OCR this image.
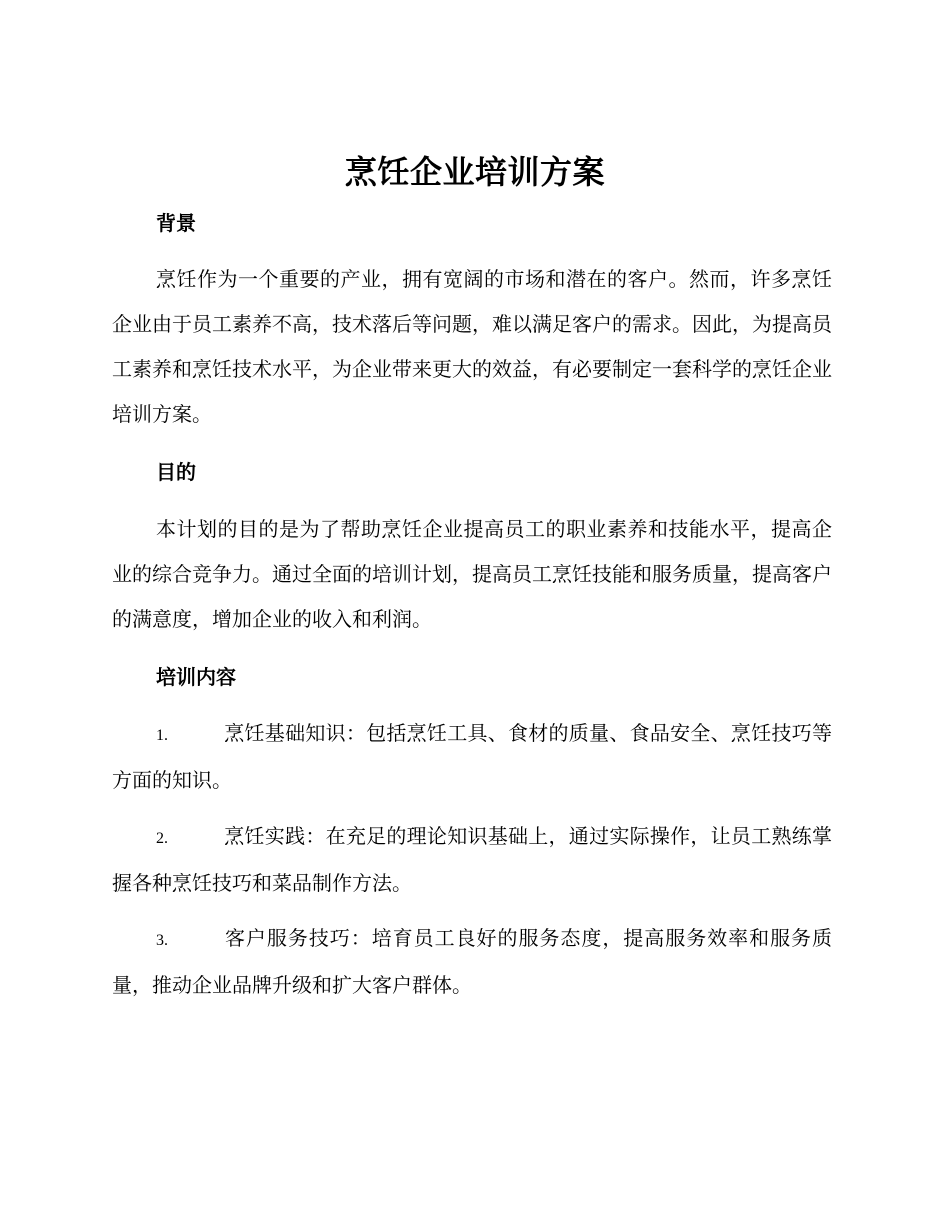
烹饪企业培训方案
背景
烹饪作为一个重要的产业，拥有宽阔的市场和潜在的客户。然而，许多烹饪企业由于员工素养不高，技术落后等问题，难以满足客户的需求。因此，为提高员工素养和烹饪技术水平，为企业带来更大的效益，有必要制定一套科学的烹饪企业培训方案。
目的
本计划的目的是为了帮助烹饪企业提高员工的职业素养和技能水平，提高企业的综合竞争力。通过全面的培训计划，提高员工烹饪技能和服务质量，提高客户的满意度，增加企业的收入和利润。
培训内容
1.	烹饪基础知识：包括烹饪工具、食材的质量、食品安全、烹饪技巧等方面的知识。
2.	烹饪实践：在充足的理论知识基础上，通过实际操作，让员工熟练掌握各种烹饪技巧和菜品制作方法。
3.	客户服务技巧：培育员工良好的服务态度，提高服务效率和服务质量，推动企业品牌升级和扩大客户群体。
